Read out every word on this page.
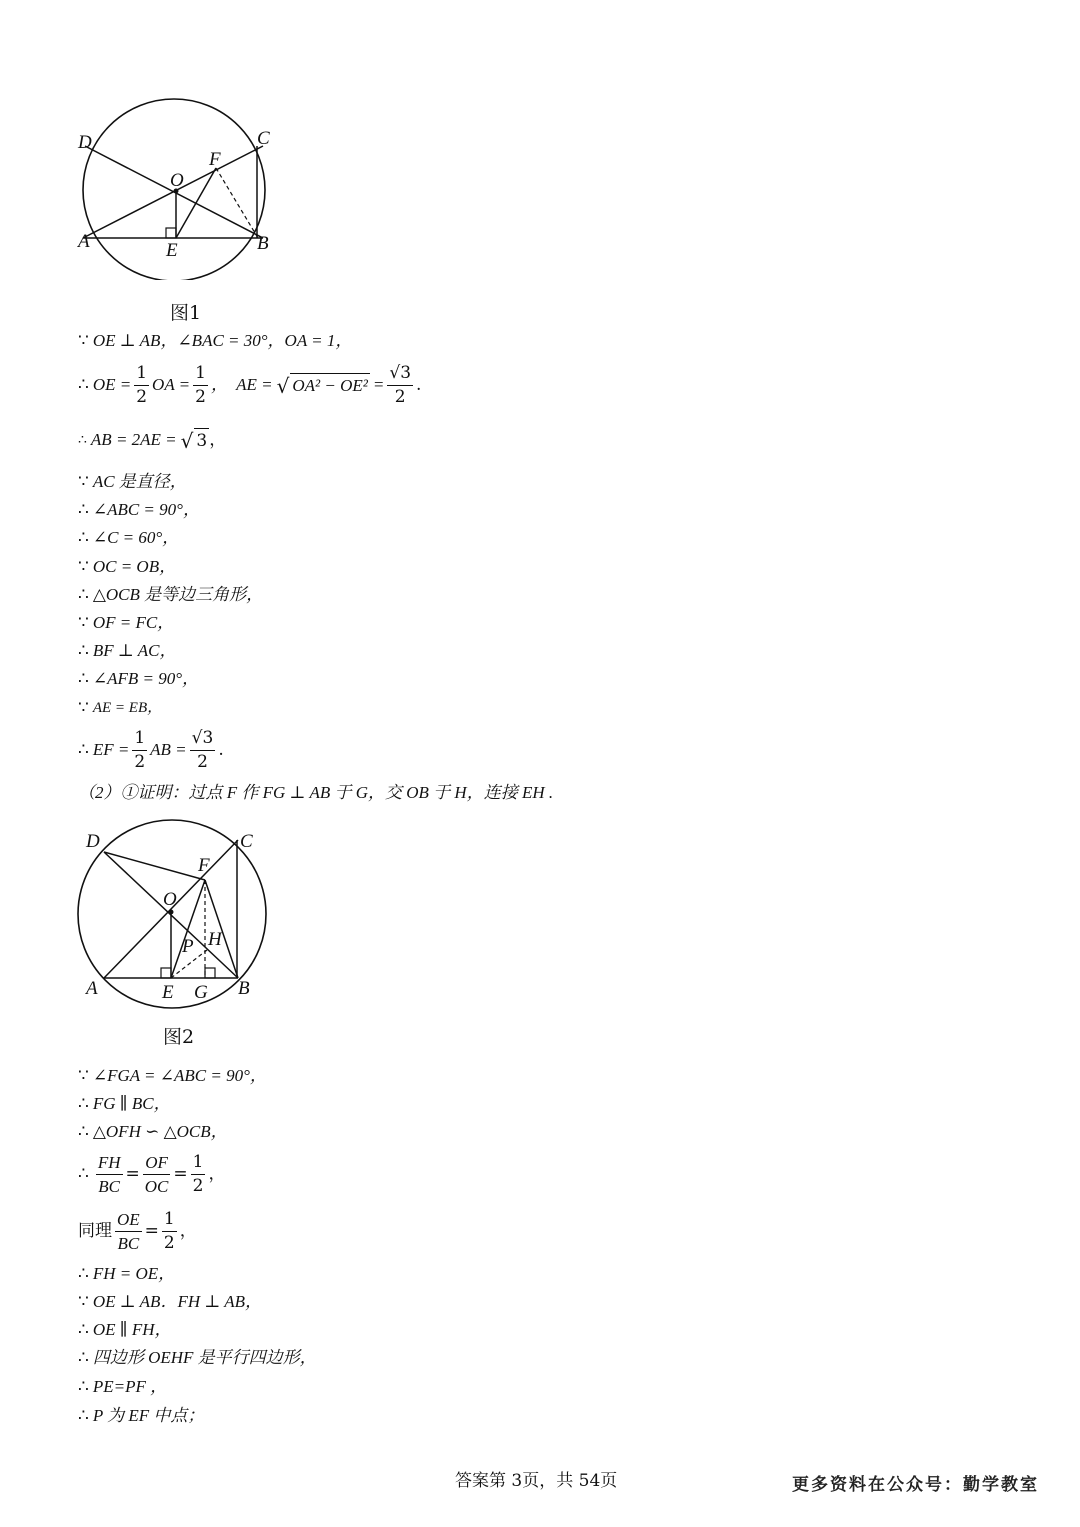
D	C
F
O
A	E	B
图1
∵ OE ⊥ AB，∠BAC = 30°，OA = 1，
∴ OE = $\frac{1}{2}$ OA = $\frac{1}{2}$ ，  AE = √ $OA^2 - OE^2 = \frac{√3}{2}$ .
∴ AB = 2AE = √ 3 ，
∵ AC 是直径，
∴ ∠ABC = 90°，
∴ ∠C = 60°，
∵ OC = OB，
∴ △OCB 是等边三角形，
∵ OF = FC，
∴ BF ⊥ AC，
∴ ∠AFB = 90°，
∵ AE = EB，
∴ EF = $\frac{1}{2}$ AB = $\frac{√3}{2}$ .
（2）①证明：过点 F 作 FG ⊥ AB 于 G，交 OB 于 H，连接 EH .
D	C
F
O
P H
A	E G B
图2
∵ ∠FGA = ∠ABC = 90°，
∴ FG ∥ BC，
∴ △OFH ∽ △OCB，
∴ $\frac{FH}{BC} = \frac{OF}{OC} = \frac{1}{2}$ ，
同理 $\frac{OE}{BC} = \frac{1}{2}$ ，
∴ FH = OE，
∵ OE ⊥ AB．FH ⊥ AB，
∴ OE ∥ FH，
∴ 四边形 OEHF 是平行四边形，
∴ PE=PF ，
∴ P 为 EF 中点；
答案第 3页，共 54页	更多资料在公众号：勤学教室
